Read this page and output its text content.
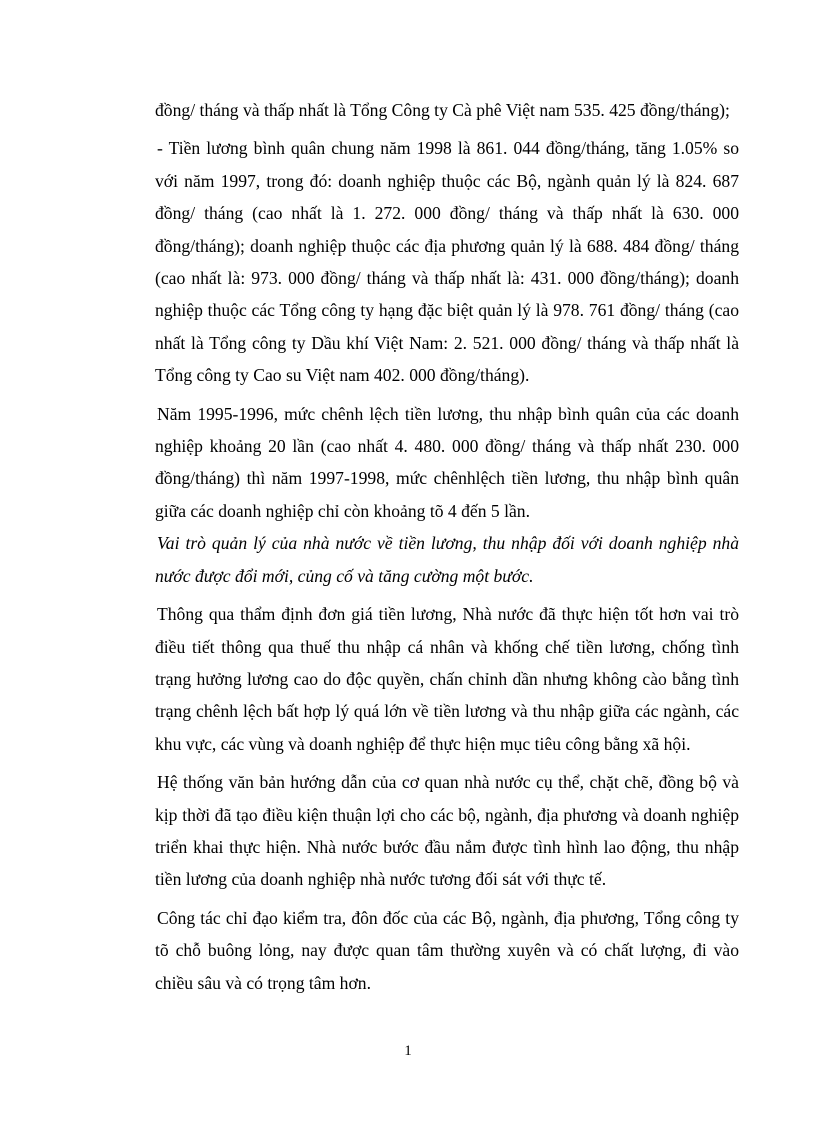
đồng/ tháng và thấp nhất là Tổng Công ty Cà phê Việt nam 535. 425 đồng/tháng);

- Tiền lương bình quân chung năm 1998 là 861. 044 đồng/tháng, tăng 1.05% so với năm 1997, trong đó: doanh nghiệp thuộc các Bộ, ngành quản lý là 824. 687 đồng/ tháng (cao nhất là 1. 272. 000 đồng/ tháng và thấp nhất là 630. 000 đồng/tháng); doanh nghiệp thuộc các địa phương quản lý là 688. 484 đồng/ tháng (cao nhất là: 973. 000 đồng/ tháng và thấp nhất là: 431. 000 đồng/tháng); doanh nghiệp thuộc các Tổng công ty hạng đặc biệt quản lý là 978. 761 đồng/ tháng (cao nhất là Tổng công ty Dầu khí Việt Nam: 2. 521. 000 đồng/ tháng và thấp nhất là Tổng công ty Cao su Việt nam 402. 000 đồng/tháng).

Năm 1995-1996, mức chênh lệch tiền lương, thu nhập bình quân của các doanh nghiệp khoảng 20 lần (cao nhất 4. 480. 000 đồng/ tháng và thấp nhất 230. 000 đồng/tháng) thì năm 1997-1998, mức chênhlệch tiền lương, thu nhập bình quân giữa các doanh nghiệp chỉ còn khoảng tõ 4 đến 5 lần.

Vai trò quản lý của nhà nước về tiền lương, thu nhập đối với doanh nghiệp nhà nước được đổi mới, củng cố và tăng cường một bước.

Thông qua thẩm định đơn giá tiền lương, Nhà nước đã thực hiện tốt hơn vai trò điều tiết thông qua thuế thu nhập cá nhân và khống chế tiền lương, chống tình trạng hưởng lương cao do độc quyền, chấn chỉnh dần nhưng không cào bằng tình trạng chênh lệch bất hợp lý quá lớn về tiền lương và thu nhập giữa các ngành, các khu vực, các vùng và doanh nghiệp để thực hiện mục tiêu công bằng xã hội.

Hệ thống văn bản hướng dẫn của cơ quan nhà nước cụ thể, chặt chẽ, đồng bộ và kịp thời đã tạo điều kiện thuận lợi cho các bộ, ngành, địa phương và doanh nghiệp triển khai thực hiện. Nhà nước bước đầu nắm được tình hình lao động, thu nhập tiền lương của doanh nghiệp nhà nước tương đối sát với thực tế.

Công tác chỉ đạo kiểm tra, đôn đốc của các Bộ, ngành, địa phương, Tổng công ty tõ chỗ buông lỏng, nay được quan tâm thường xuyên và có chất lượng, đi vào chiều sâu và có trọng tâm hơn.

1
